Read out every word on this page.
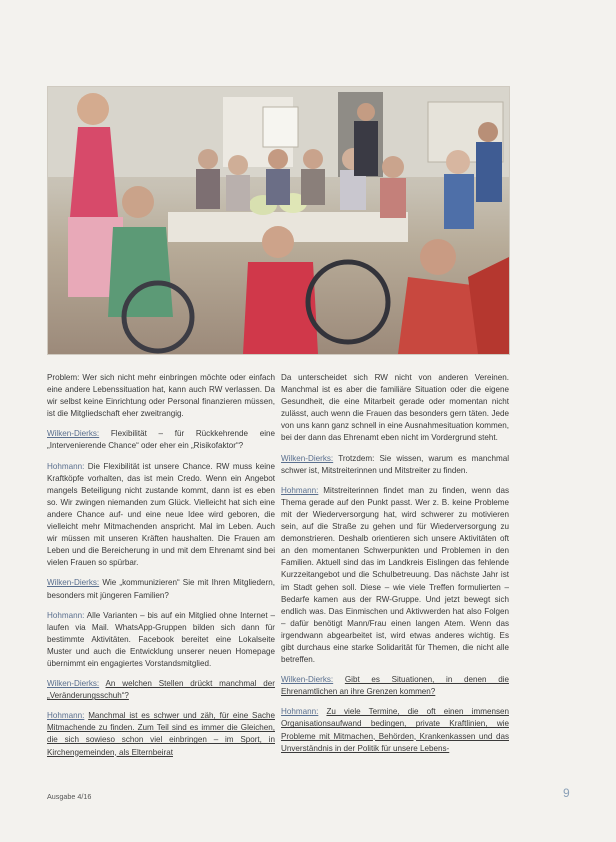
Problem: Wer sich nicht mehr einbringen möchte oder einfach eine andere Lebenssituation hat, kann auch RW verlassen. Da wir selbst keine Einrichtung oder Personal finanzieren müssen, ist die Mitgliedschaft eher zweitrangig.

Wilken-Dierks: Flexibilität – für Rückkehrende eine „Intervenierende Chance“ oder eher ein „Risikofaktor“?

Hohmann: Die Flexibilität ist unsere Chance. RW muss keine Kraftköpfe vorhalten, das ist mein Credo. Wenn ein Angebot mangels Beteiligung nicht zustande kommt, dann ist es eben so. Wir zwingen niemanden zum Glück. Vielleicht hat sich eine andere Chance auf- und eine neue Idee wird geboren, die vielleicht mehr Mitmachenden anspricht. Mal im Leben. Auch wir müssen mit unseren Kräften haushalten. Die Frauen am Leben und die Bereicherung in und mit dem Ehrenamt sind bei vielen Frauen so spürbar.

Wilken-Dierks: Wie „kommunizieren“ Sie mit Ihren Mitgliedern, besonders mit jüngeren Familien?

Hohmann: Alle Varianten – bis auf ein Mitglied ohne Internet – laufen via Mail. WhatsApp-Gruppen bilden sich dann für bestimmte Aktivitäten. Facebook bereitet eine Lokalseite Muster und auch die Entwicklung unserer neuen Homepage übernimmt ein engagiertes Vorstandsmitglied.

Wilken-Dierks: An welchen Stellen drückt manchmal der „Veränderungsschuh“?

Hohmann: Manchmal ist es schwer und zäh, für eine Sache Mitmachende zu finden. Zum Teil sind es immer die Gleichen, die sich sowieso schon viel einbringen – im Sport, in Kirchengemeinden, als Elternbeirat

Da unterscheidet sich RW nicht von anderen Vereinen. Manchmal ist es aber die familiäre Situation oder die eigene Gesundheit, die eine Mitarbeit gerade oder momentan nicht zulässt, auch wenn die Frauen das besonders gern täten. Jede von uns kann ganz schnell in eine Ausnahmesituation kommen, bei der dann das Ehrenamt eben nicht im Vordergrund steht.

Wilken-Dierks: Trotzdem: Sie wissen, warum es manchmal schwer ist, Mitstreiterinnen und Mitstreiter zu finden.

Hohmann: Mitstreiterinnen findet man zu finden, wenn das Thema gerade auf den Punkt passt. Wer z. B. keine Probleme mit der Wiederversorgung hat, wird schwerer zu motivieren sein, auf die Straße zu gehen und für Wiederversorgung zu demonstrieren. Deshalb orientieren sich unsere Aktivitäten oft an den momentanen Schwerpunkten und Problemen in den Familien. Aktuell sind das im Landkreis Eislingen das fehlende Kurzzeitangebot und die Schulbetreuung. Das nächste Jahr ist im Stadt gehen soll. Diese – wie viele Treffen formulierten – Bedarfe kamen aus der RW-Gruppe. Und jetzt bewegt sich endlich was. Das Einmischen und Aktivwerden hat also Folgen – dafür benötigt Mann/Frau einen langen Atem. Wenn das irgendwann abgearbeitet ist, wird etwas anderes wichtig. Es gibt durchaus eine starke Solidarität für Themen, die nicht alle betreffen.

Wilken-Dierks: Gibt es Situationen, in denen die Ehrenamtlichen an ihre Grenzen kommen?

Hohmann: Zu viele Termine, die oft einen immensen Organisationsaufwand bedingen, private Kraftlinien, wie Probleme mit Mitmachen, Behörden, Krankenkassen und das Unverständnis in der Politik für unsere Lebens-

Ausgabe 4/16	9
